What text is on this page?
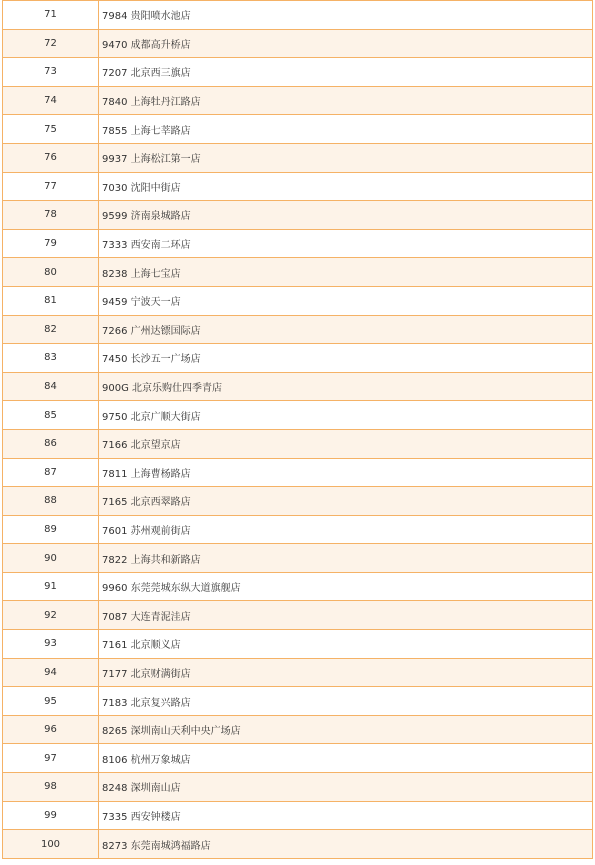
71	7984 贵阳喷水池店
72	9470 成都高升桥店
73	7207 北京西三旗店
74	7840 上海牡丹江路店
75	7855 上海七莘路店
76	9937 上海松江第一店
77	7030 沈阳中街店
78	9599 济南泉城路店
79	7333 西安南二环店
80	8238 上海七宝店
81	9459 宁波天一店
82	7266 广州达镖国际店
83	7450 长沙五一广场店
84	900G 北京乐购仕四季青店
85	9750 北京广顺大街店
86	7166 北京望京店
87	7811 上海曹杨路店
88	7165 北京西翠路店
89	7601 苏州观前街店
90	7822 上海共和新路店
91	9960 东莞莞城东纵大道旗舰店
92	7087 大连青泥洼店
93	7161 北京顺义店
94	7177 北京财满街店
95	7183 北京复兴路店
96	8265 深圳南山天利中央广场店
97	8106 杭州万象城店
98	8248 深圳南山店
99	7335 西安钟楼店
100	8273 东莞南城鸿福路店
